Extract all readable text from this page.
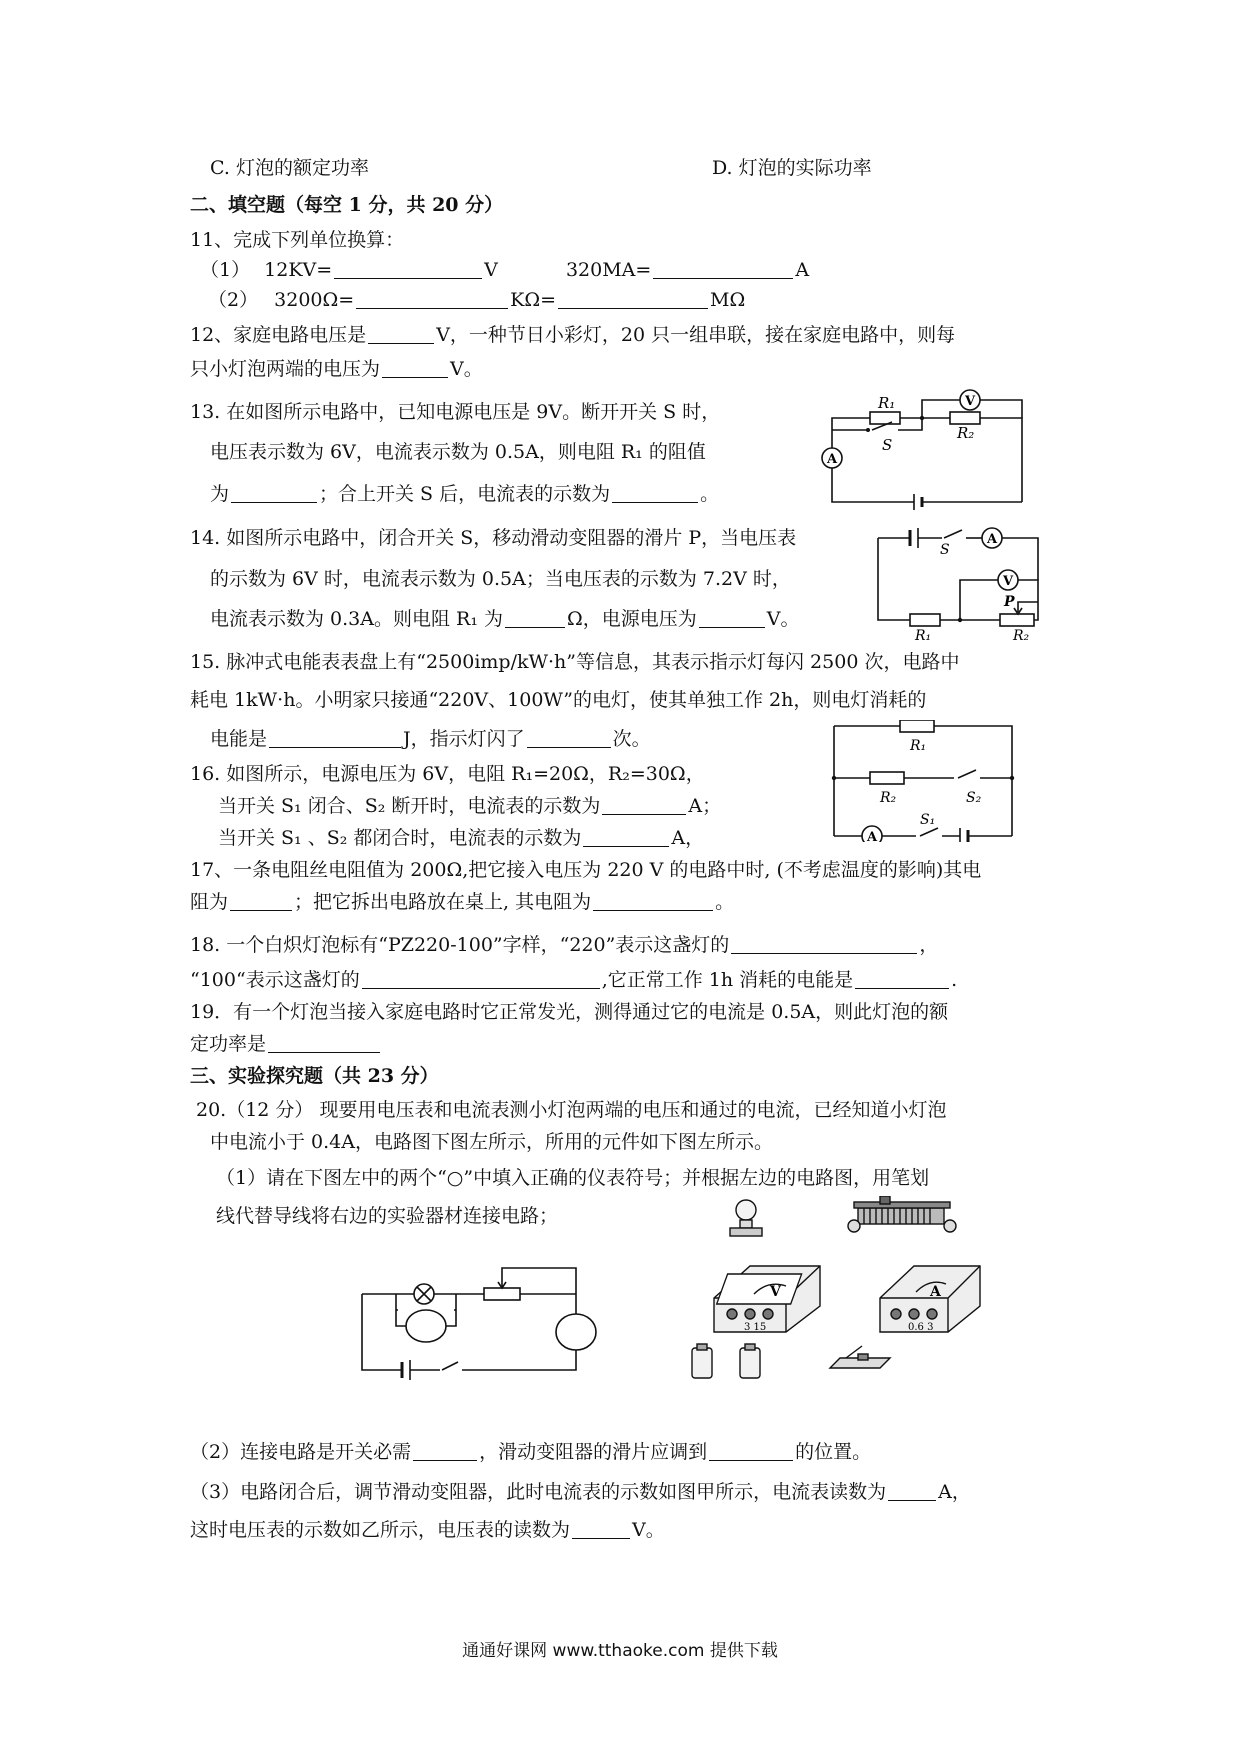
C. 灯泡的额定功率	D. 灯泡的实际功率
二、填空题（每空 1 分，共 20 分）
11、完成下列单位换算：
（1） 12KV=	V	320MA=	A
（2） 3200Ω=	KΩ=	MΩ
12、家庭电路电压是	V，一种节日小彩灯，20 只一组串联，接在家庭电路中，则每
只小灯泡两端的电压为	V。
13. 在如图所示电路中，已知电源电压是 9V。断开开关 S 时，
电压表示数为 6V，电流表示数为 0.5A，则电阻 R₁ 的阻值
为	；合上开关 S 后，电流表的示数为	。
R₁
R₂
S
V
A
14. 如图所示电路中，闭合开关 S，移动滑动变阻器的滑片 P，当电压表
的示数为 6V 时，电流表示数为 0.5A；当电压表的示数为 7.2V 时，
电流表示数为 0.3A。则电阻 R₁ 为	Ω，电源电压为	V。
S
A
V
P
R₁	R₂
15. 脉冲式电能表表盘上有“2500imp/kW·h”等信息，其表示指示灯每闪 2500 次，电路中
耗电 1kW·h。小明家只接通“220V、100W”的电灯，使其单独工作 2h，则电灯消耗的
电能是	J，指示灯闪了	次。
16. 如图所示，电源电压为 6V，电阻 R₁=20Ω，R₂=30Ω，
当开关 S₁ 闭合、S₂ 断开时，电流表的示数为	A；
当开关 S₁ 、S₂ 都闭合时，电流表的示数为	A，
R₁
R₂	S₂
S₁
A
17、一条电阻丝电阻值为 200Ω,把它接入电压为 220 V 的电路中时, (不考虑温度的影响)其电
阻为	；把它拆出电路放在桌上, 其电阻为	。
18. 一个白炽灯泡标有“PZ220-100”字样，“220”表示这盏灯的	，
“100“表示这盏灯的	,它正常工作 1h 消耗的电能是	.
19．有一个灯泡当接入家庭电路时它正常发光，测得通过它的电流是 0.5A，则此灯泡的额
定功率是
三、实验探究题（共 23 分）
20.（12 分） 现要用电压表和电流表测小灯泡两端的电压和通过的电流，已经知道小灯泡
中电流小于 0.4A，电路图下图左所示，所用的元件如下图左所示。
（1）请在下图左中的两个“○”中填入正确的仪表符号；并根据左边的电路图，用笔划
线代替导线将右边的实验器材连接电路；
V	A
3 15	0.6 3
（2）连接电路是开关必需	，滑动变阻器的滑片应调到	的位置。
（3）电路闭合后，调节滑动变阻器，此时电流表的示数如图甲所示，电流表读数为	A，
这时电压表的示数如乙所示，电压表的读数为	V。
通通好课网 www.tthaoke.com 提供下载
